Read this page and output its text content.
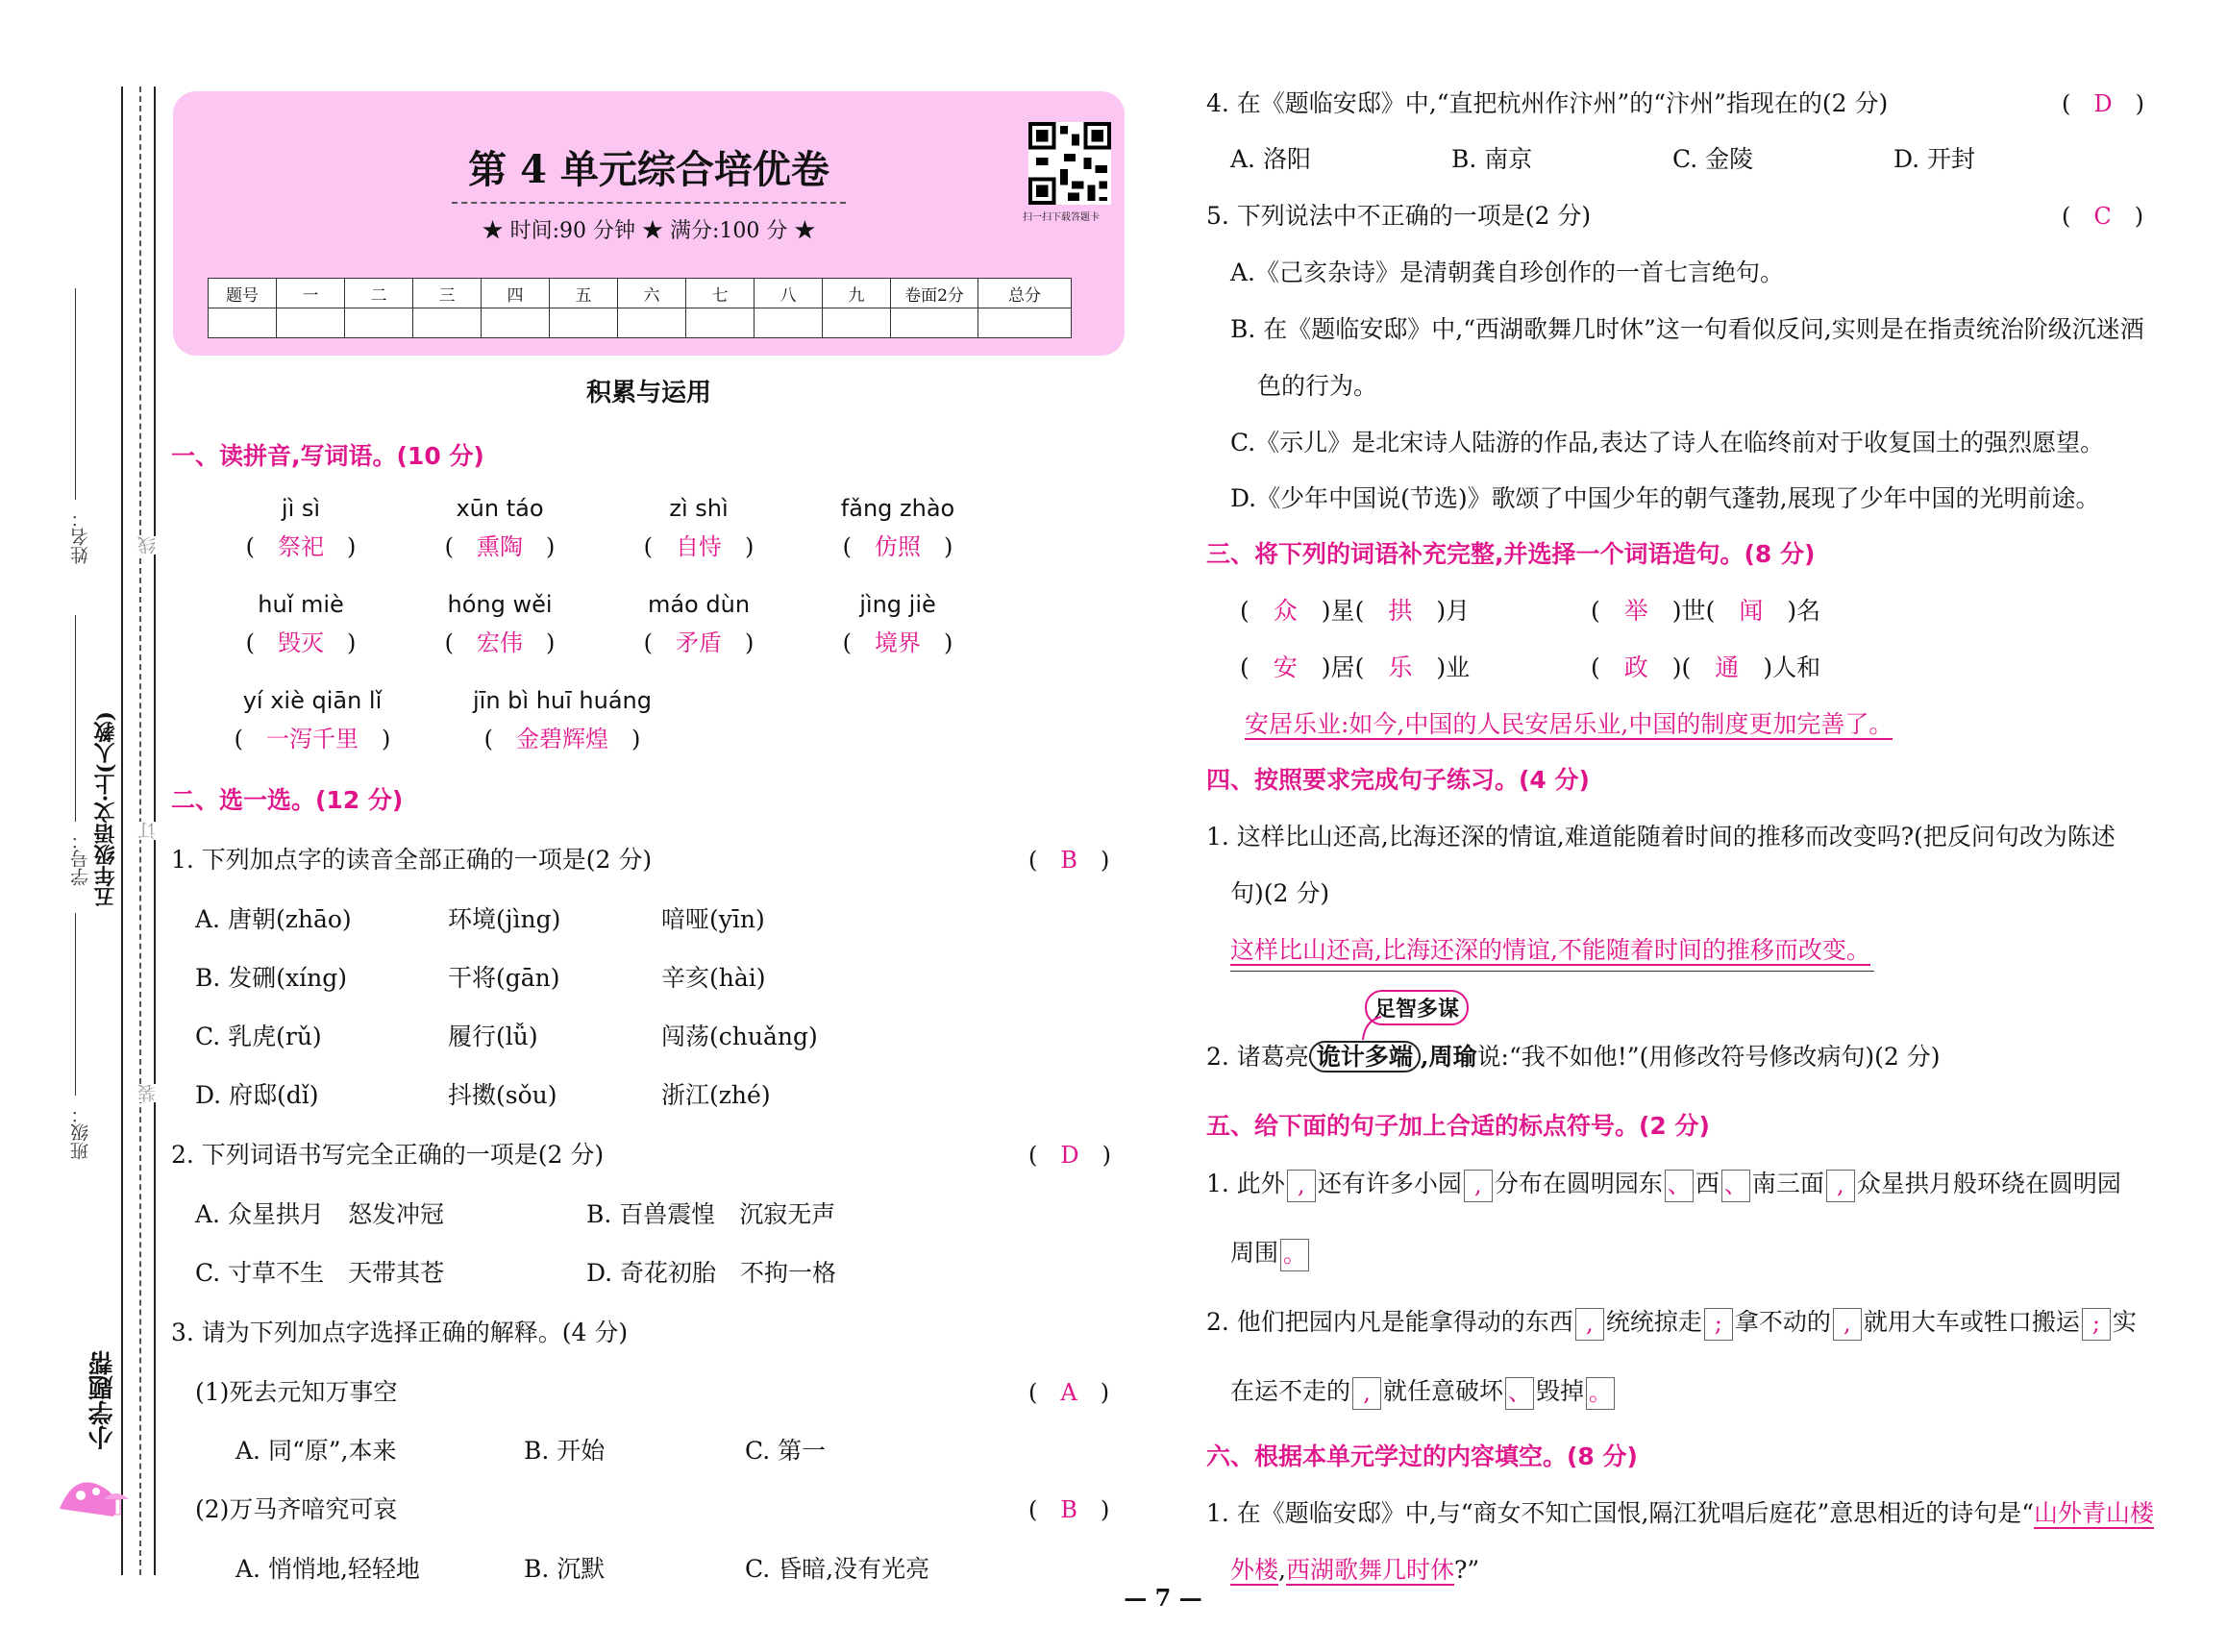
姓名：
学号：
班级：
五年级语文·上(人教)
小学题帮
线
订
装
第 4 单元综合培优卷
★ 时间:90 分钟 ★ 满分:100 分 ★
扫一扫下载答题卡
题号	一	二	三	四	五	六	七	八	九	卷面2分	总分

积累与运用
一、读拼音,写词语。(10 分)
jì sì
(　祭祀　)
xūn táo
(　熏陶　)
zì shì
(　自恃　)
fǎng zhào
(　仿照　)
huǐ miè
(　毁灭　)
hóng wěi
(　宏伟　)
máo dùn
(　矛盾　)
jìng jiè
(　境界　)
yí xiè qiān lǐ
(　一泻千里　)
jīn bì huī huáng
(　金碧辉煌　)
二、选一选。(12 分)
1. 下列加点字的读音全部正确的一项是(2 分)	(　B　)
A. 唐朝(zhāo)	环境(jìng)	喑哑(yīn)
B. 发硎(xíng)	干将(gān)	辛亥(hài)
C. 乳虎(rǔ)	履行(lǚ)	闯荡(chuǎng)
D. 府邸(dǐ)	抖擞(sǒu)	浙江(zhé)
2. 下列词语书写完全正确的一项是(2 分)	(　D　)
A. 众星拱月　怒发冲冠	B. 百兽震惶　沉寂无声
C. 寸草不生　天带其苍	D. 奇花初胎　不拘一格
3. 请为下列加点字选择正确的解释。(4 分)
(1)死去元知万事空	(　A　)
A. 同“原”,本来	B. 开始	C. 第一
(2)万马齐喑究可哀	(　B　)
A. 悄悄地,轻轻地	B. 沉默	C. 昏暗,没有光亮
4. 在《题临安邸》中,“直把杭州作汴州”的“汴州”指现在的(2 分)	(　D　)
A. 洛阳	B. 南京	C. 金陵	D. 开封
5. 下列说法中不正确的一项是(2 分)	(　C　)
A.《己亥杂诗》是清朝龚自珍创作的一首七言绝句。
B. 在《题临安邸》中,“西湖歌舞几时休”这一句看似反问,实则是在指责统治阶级沉迷酒
色的行为。
C.《示儿》是北宋诗人陆游的作品,表达了诗人在临终前对于收复国土的强烈愿望。
D.《少年中国说(节选)》歌颂了中国少年的朝气蓬勃,展现了少年中国的光明前途。
三、将下列的词语补充完整,并选择一个词语造句。(8 分)
(　众　)星(　拱　)月	(　举　)世(　闻　)名
(　安　)居(　乐　)业	(　政　)(　通　)人和
安居乐业:如今,中国的人民安居乐业,中国的制度更加完善了。
四、按照要求完成句子练习。(4 分)
1. 这样比山还高,比海还深的情谊,难道能随着时间的推移而改变吗?(把反问句改为陈述
句)(2 分)
这样比山还高,比海还深的情谊,不能随着时间的推移而改变。
足智多谋
2. 诸葛亮 诡计多端 ,周瑜说:“我不如他!”(用修改符号修改病句)(2 分)
五、给下面的句子加上合适的标点符号。(2 分)
1. 此外 , 还有许多小园 , 分布在圆明园东 、 西 、 南三面 , 众星拱月般环绕在圆明园
周围 。
2. 他们把园内凡是能拿得动的东西 , 统统掠走 ; 拿不动的 , 就用大车或牲口搬运 ; 实
在运不走的 , 就任意破坏 、 毁掉 。
六、根据本单元学过的内容填空。(8 分)
1. 在《题临安邸》中,与“商女不知亡国恨,隔江犹唱后庭花”意思相近的诗句是“山外青山楼
外楼,西湖歌舞几时休?”
— 7 —
